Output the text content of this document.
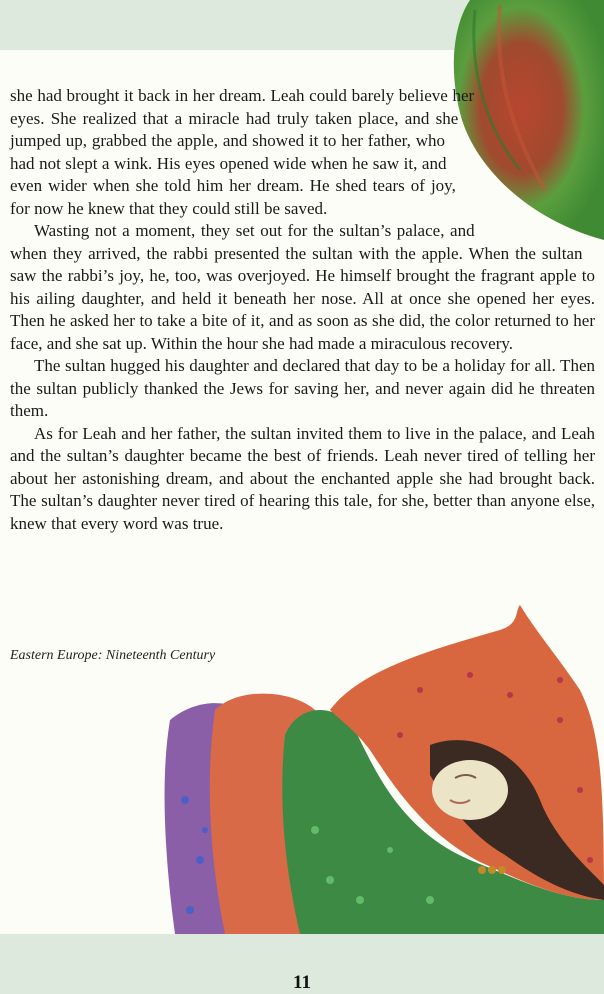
she had brought it back in her dream. Leah could barely believe her eyes. She realized that a miracle had truly taken place, and she jumped up, grabbed the apple, and showed it to her father, who had not slept a wink. His eyes opened wide when he saw it, and even wider when she told him her dream. He shed tears of joy, for now he knew that they could still be saved.

Wasting not a moment, they set out for the sultan’s palace, and when they arrived, the rabbi presented the sultan with the apple. When the sultan saw the rabbi’s joy, he, too, was overjoyed. He himself brought the fragrant apple to his ailing daughter, and held it beneath her nose. All at once she opened her eyes. Then he asked her to take a bite of it, and as soon as she did, the color returned to her face, and she sat up. Within the hour she had made a miraculous recovery.

The sultan hugged his daughter and declared that day to be a holiday for all. Then the sultan publicly thanked the Jews for saving her, and never again did he threaten them.

As for Leah and her father, the sultan invited them to live in the palace, and Leah and the sultan’s daughter became the best of friends. Leah never tired of telling her about her astonishing dream, and about the enchanted apple she had brought back. The sultan’s daughter never tired of hearing this tale, for she, better than anyone else, knew that every word was true.

Eastern Europe: Nineteenth Century
11
